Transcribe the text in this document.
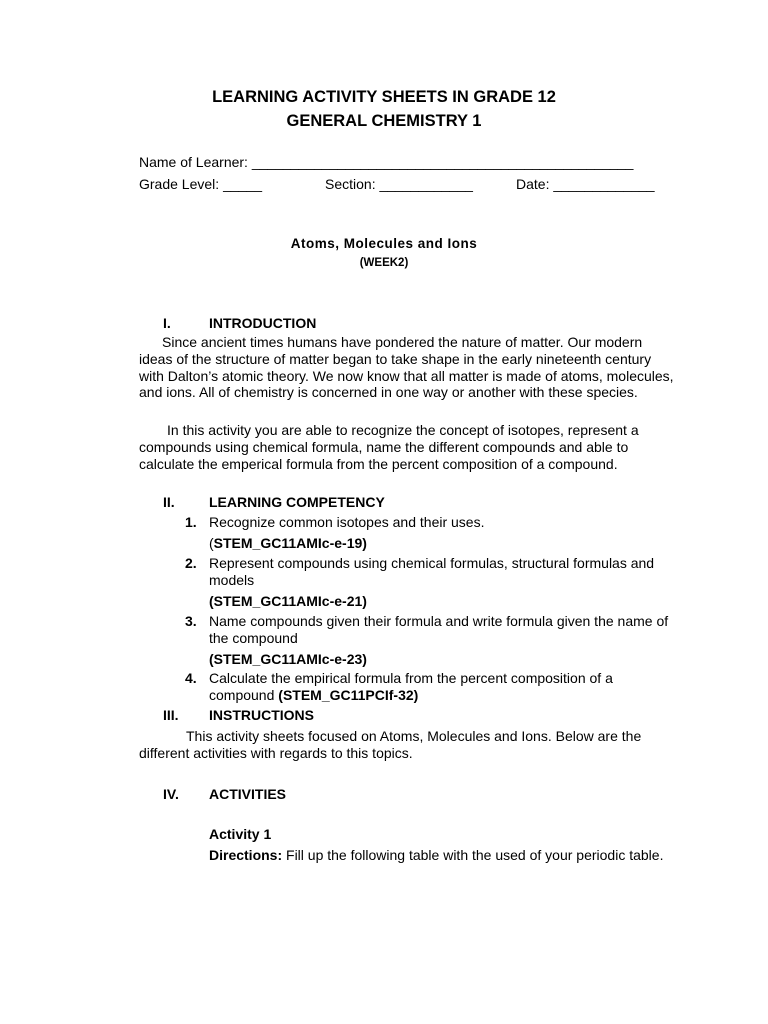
LEARNING ACTIVITY SHEETS IN GRADE 12
GENERAL CHEMISTRY 1
Name of Learner: _________________________________________________
Grade Level: _____	Section: ____________	Date: _____________
Atoms, Molecules and Ions
(WEEK2)
I.	INTRODUCTION
Since ancient times humans have pondered the nature of matter. Our modern ideas of the structure of matter began to take shape in the early nineteenth century with Dalton’s atomic theory. We now know that all matter is made of atoms, molecules, and ions. All of chemistry is concerned in one way or another with these species.
In this activity you are able to recognize the concept of isotopes, represent a compounds using chemical formula, name the different compounds and able to calculate the emperical formula from the percent composition of a compound.
II. LEARNING COMPETENCY
1. Recognize common isotopes and their uses.
(STEM_GC11AMIc-e-19)
2. Represent compounds using chemical formulas, structural formulas and models
(STEM_GC11AMIc-e-21)
3. Name compounds given their formula and write formula given the name of the compound
(STEM_GC11AMIc-e-23)
4. Calculate the empirical formula from the percent composition of a compound (STEM_GC11PCIf-32)
III. INSTRUCTIONS
This activity sheets focused on Atoms, Molecules and Ions. Below are the different activities with regards to this topics.
IV. ACTIVITIES
Activity 1
Directions: Fill up the following table with the used of your periodic table.
